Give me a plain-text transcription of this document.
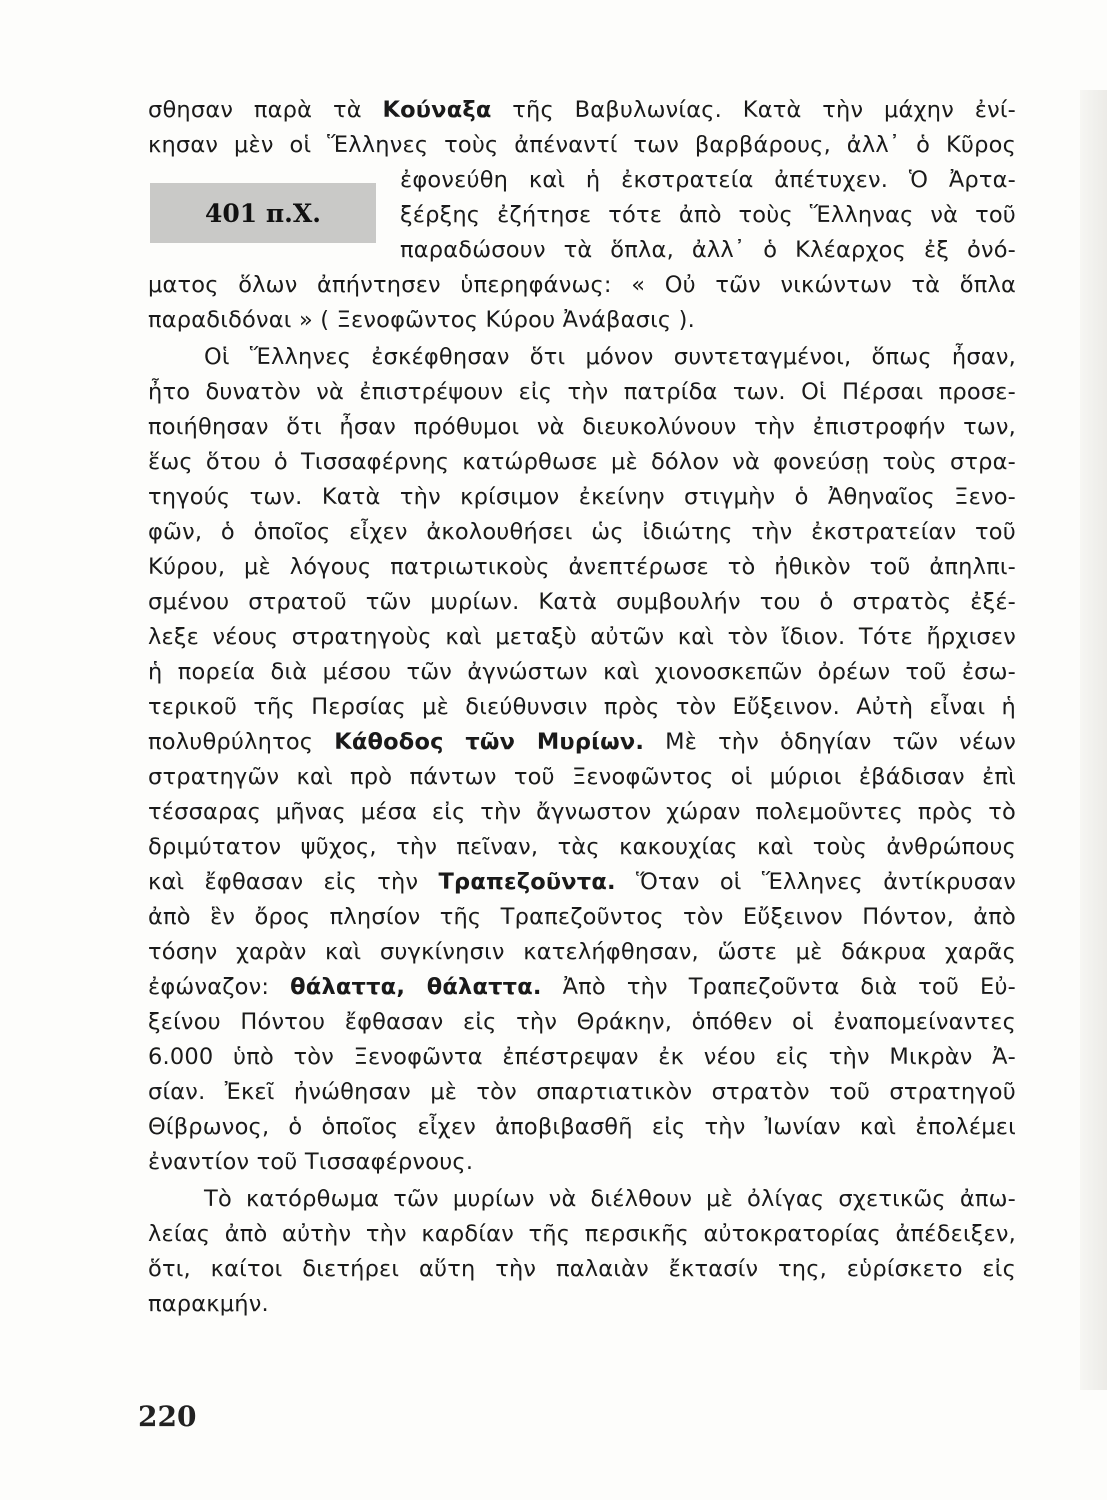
401 π.Χ.
σθησαν παρὰ τὰ Κούναξα τῆς Βαβυλωνίας. Κατὰ τὴν μάχην ἐνί-
κησαν μὲν οἱ Ἕλληνες τοὺς ἀπέναντί των βαρβάρους, ἀλλ᾽ ὁ Κῦρος
ἐφονεύθη καὶ ἡ ἐκστρατεία ἀπέτυχεν. Ὁ Ἀρτα-
ξέρξης ἐζήτησε τότε ἀπὸ τοὺς Ἕλληνας νὰ τοῦ
παραδώσουν τὰ ὅπλα, ἀλλ᾽ ὁ Κλέαρχος ἐξ ὀνό-
ματος ὅλων ἀπήντησεν ὑπερηφάνως: « Οὐ τῶν νικώντων τὰ ὅπλα
παραδιδόναι » ( Ξενοφῶντος Κύρου Ἀνάβασις ).
Οἱ Ἕλληνες ἐσκέφθησαν ὅτι μόνον συντεταγμένοι, ὅπως ἦσαν,
ἦτο δυνατὸν νὰ ἐπιστρέψουν εἰς τὴν πατρίδα των. Οἱ Πέρσαι προσε-
ποιήθησαν ὅτι ἦσαν πρόθυμοι νὰ διευκολύνουν τὴν ἐπιστροφήν των,
ἕως ὅτου ὁ Τισσαφέρνης κατώρθωσε μὲ δόλον νὰ φονεύσῃ τοὺς στρα-
τηγούς των. Κατὰ τὴν κρίσιμον ἐκείνην στιγμὴν ὁ Ἀθηναῖος Ξενο-
φῶν, ὁ ὁποῖος εἶχεν ἀκολουθήσει ὡς ἰδιώτης τὴν ἐκστρατείαν τοῦ
Κύρου, μὲ λόγους πατριωτικοὺς ἀνεπτέρωσε τὸ ἠθικὸν τοῦ ἀπηλπι-
σμένου στρατοῦ τῶν μυρίων. Κατὰ συμβουλήν του ὁ στρατὸς ἐξέ-
λεξε νέους στρατηγοὺς καὶ μεταξὺ αὐτῶν καὶ τὸν ἴδιον. Τότε ἤρχισεν
ἡ πορεία διὰ μέσου τῶν ἀγνώστων καὶ χιονοσκεπῶν ὀρέων τοῦ ἐσω-
τερικοῦ τῆς Περσίας μὲ διεύθυνσιν πρὸς τὸν Εὔξεινον. Αὐτὴ εἶναι ἡ
πολυθρύλητος Κάθοδος τῶν Μυρίων. Μὲ τὴν ὁδηγίαν τῶν νέων
στρατηγῶν καὶ πρὸ πάντων τοῦ Ξενοφῶντος οἱ μύριοι ἐβάδισαν ἐπὶ
τέσσαρας μῆνας μέσα εἰς τὴν ἄγνωστον χώραν πολεμοῦντες πρὸς τὸ
δριμύτατον ψῦχος, τὴν πεῖναν, τὰς κακουχίας καὶ τοὺς ἀνθρώπους
καὶ ἔφθασαν εἰς τὴν Τραπεζοῦντα. Ὅταν οἱ Ἕλληνες ἀντίκρυσαν
ἀπὸ ἓν ὄρος πλησίον τῆς Τραπεζοῦντος τὸν Εὔξεινον Πόντον, ἀπὸ
τόσην χαρὰν καὶ συγκίνησιν κατελήφθησαν, ὥστε μὲ δάκρυα χαρᾶς
ἐφώναζον: θάλαττα, θάλαττα. Ἀπὸ τὴν Τραπεζοῦντα διὰ τοῦ Εὐ-
ξείνου Πόντου ἔφθασαν εἰς τὴν Θράκην, ὁπόθεν οἱ ἐναπομείναντες
6.000 ὑπὸ τὸν Ξενοφῶντα ἐπέστρεψαν ἐκ νέου εἰς τὴν Μικρὰν Ἀ-
σίαν. Ἐκεῖ ἠνώθησαν μὲ τὸν σπαρτιατικὸν στρατὸν τοῦ στρατηγοῦ
Θίβρωνος, ὁ ὁποῖος εἶχεν ἀποβιβασθῆ εἰς τὴν Ἰωνίαν καὶ ἐπολέμει
ἐναντίον τοῦ Τισσαφέρνους.
Τὸ κατόρθωμα τῶν μυρίων νὰ διέλθουν μὲ ὀλίγας σχετικῶς ἀπω-
λείας ἀπὸ αὐτὴν τὴν καρδίαν τῆς περσικῆς αὐτοκρατορίας ἀπέδειξεν,
ὅτι, καίτοι διετήρει αὕτη τὴν παλαιὰν ἔκτασίν της, εὑρίσκετο εἰς
παρακμήν.
220
